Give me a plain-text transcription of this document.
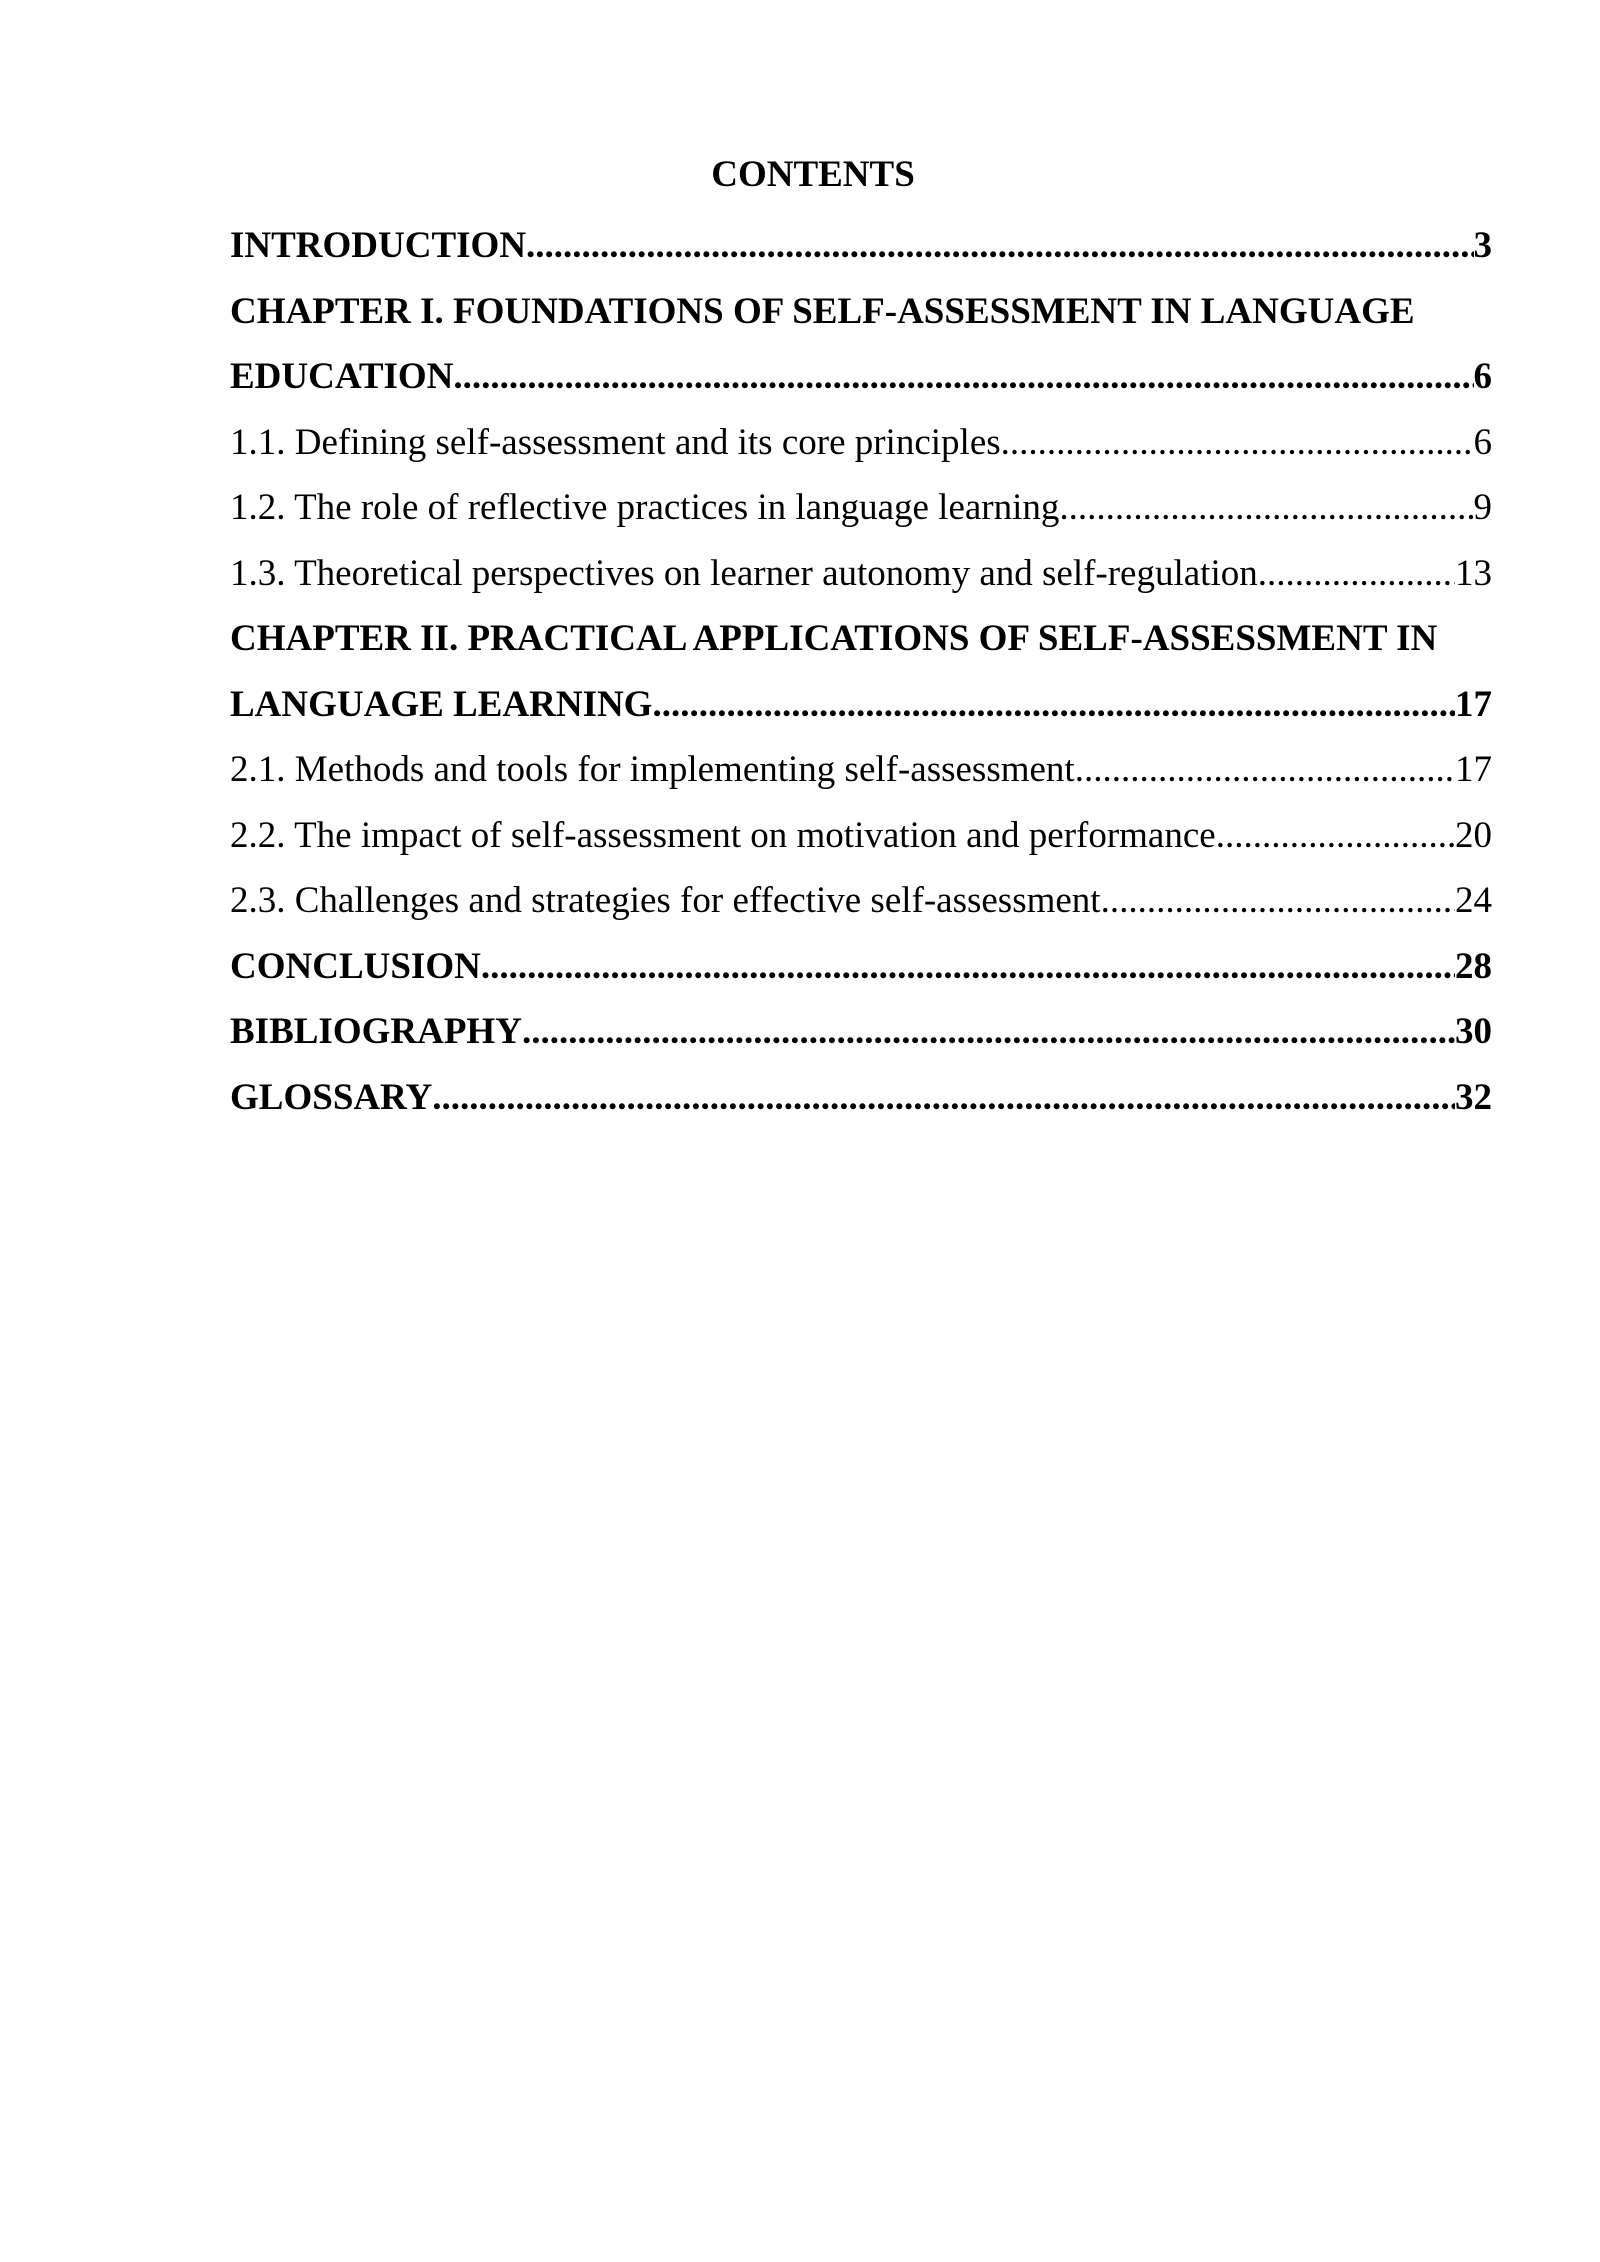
CONTENTS
INTRODUCTION .....	3
CHAPTER I. FOUNDATIONS OF SELF-ASSESSMENT IN LANGUAGE
EDUCATION .....	6
1.1. Defining self-assessment and its core principles .....	6
1.2. The role of reflective practices in language learning .....	9
1.3. Theoretical perspectives on learner autonomy and self-regulation .....	13
CHAPTER II. PRACTICAL APPLICATIONS OF SELF-ASSESSMENT IN
LANGUAGE LEARNING .....	17
2.1. Methods and tools for implementing self-assessment .....	17
2.2. The impact of self-assessment on motivation and performance .....	20
2.3. Challenges and strategies for effective self-assessment .....	24
CONCLUSION .....	28
BIBLIOGRAPHY .....	30
GLOSSARY .....	32
